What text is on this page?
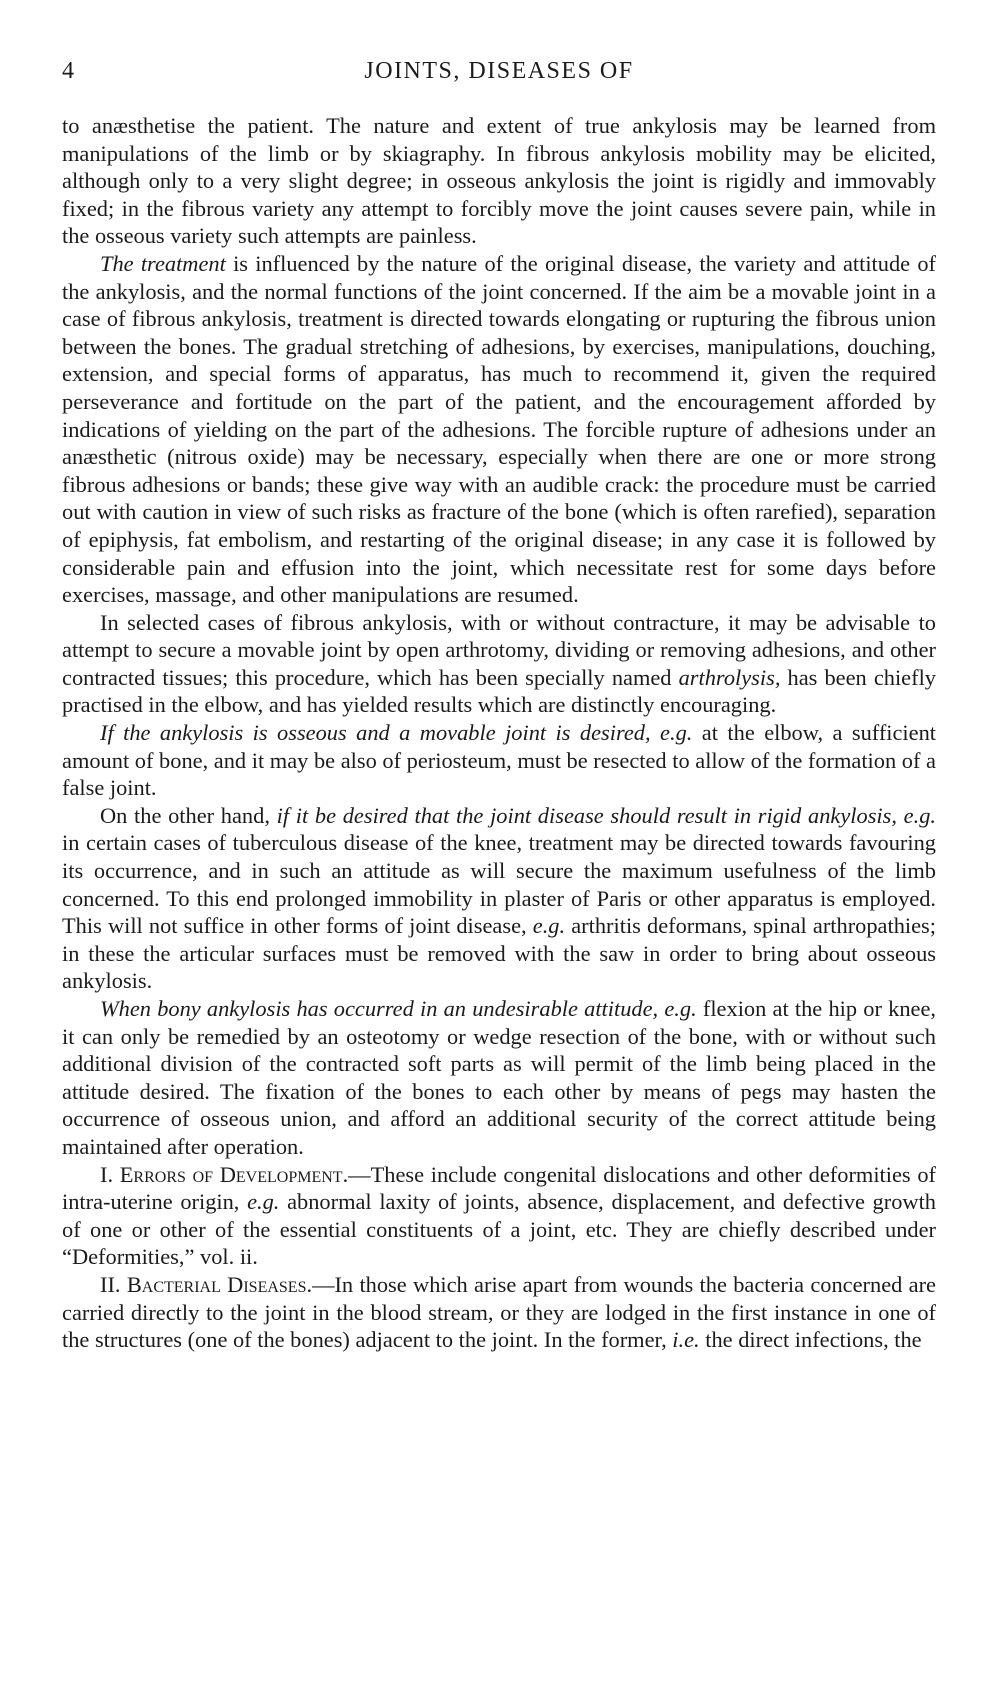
4	JOINTS, DISEASES OF

to anæsthetise the patient. The nature and extent of true ankylosis may be learned from manipulations of the limb or by skiagraphy. In fibrous ankylosis mobility may be elicited, although only to a very slight degree; in osseous ankylosis the joint is rigidly and immovably fixed; in the fibrous variety any attempt to forcibly move the joint causes severe pain, while in the osseous variety such attempts are painless.

The treatment is influenced by the nature of the original disease, the variety and attitude of the ankylosis, and the normal functions of the joint concerned. If the aim be a movable joint in a case of fibrous ankylosis, treatment is directed towards elongating or rupturing the fibrous union between the bones. The gradual stretching of adhesions, by exercises, manipulations, douching, extension, and special forms of apparatus, has much to recommend it, given the required perseverance and fortitude on the part of the patient, and the encouragement afforded by indications of yielding on the part of the adhesions. The forcible rupture of adhesions under an anæsthetic (nitrous oxide) may be necessary, especially when there are one or more strong fibrous adhesions or bands; these give way with an audible crack: the procedure must be carried out with caution in view of such risks as fracture of the bone (which is often rarefied), separation of epiphysis, fat embolism, and restarting of the original disease; in any case it is followed by considerable pain and effusion into the joint, which necessitate rest for some days before exercises, massage, and other manipulations are resumed.

In selected cases of fibrous ankylosis, with or without contracture, it may be advisable to attempt to secure a movable joint by open arthrotomy, dividing or removing adhesions, and other contracted tissues; this procedure, which has been specially named arthrolysis, has been chiefly practised in the elbow, and has yielded results which are distinctly encouraging.

If the ankylosis is osseous and a movable joint is desired, e.g. at the elbow, a sufficient amount of bone, and it may be also of periosteum, must be resected to allow of the formation of a false joint.

On the other hand, if it be desired that the joint disease should result in rigid ankylosis, e.g. in certain cases of tuberculous disease of the knee, treatment may be directed towards favouring its occurrence, and in such an attitude as will secure the maximum usefulness of the limb concerned. To this end prolonged immobility in plaster of Paris or other apparatus is employed. This will not suffice in other forms of joint disease, e.g. arthritis deformans, spinal arthropathies; in these the articular surfaces must be removed with the saw in order to bring about osseous ankylosis.

When bony ankylosis has occurred in an undesirable attitude, e.g. flexion at the hip or knee, it can only be remedied by an osteotomy or wedge resection of the bone, with or without such additional division of the contracted soft parts as will permit of the limb being placed in the attitude desired. The fixation of the bones to each other by means of pegs may hasten the occurrence of osseous union, and afford an additional security of the correct attitude being maintained after operation.

I. Errors of Development.—These include congenital dislocations and other deformities of intra-uterine origin, e.g. abnormal laxity of joints, absence, displacement, and defective growth of one or other of the essential constituents of a joint, etc. They are chiefly described under “Deformities,” vol. ii.

II. Bacterial Diseases.—In those which arise apart from wounds the bacteria concerned are carried directly to the joint in the blood stream, or they are lodged in the first instance in one of the structures (one of the bones) adjacent to the joint. In the former, i.e. the direct infections, the
